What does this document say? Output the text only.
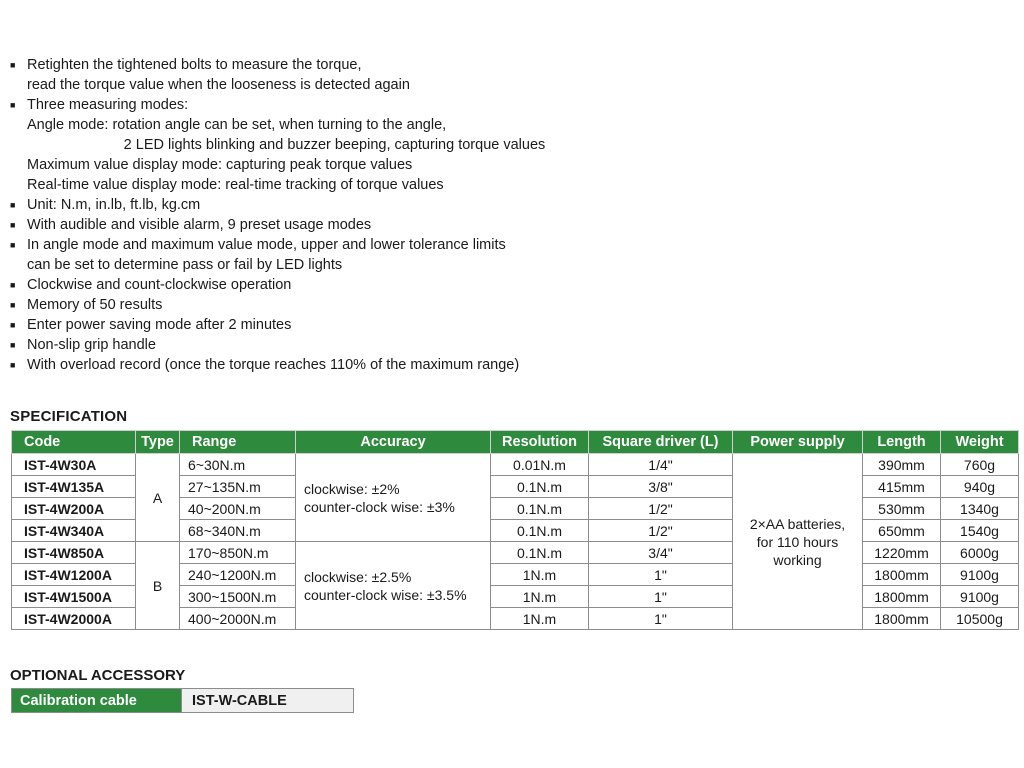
■ Retighten the tightened bolts to measure the torque,
read the torque value when the looseness is detected again
■ Three measuring modes:
Angle mode: rotation angle can be set, when turning to the angle,
2 LED lights blinking and buzzer beeping, capturing torque values
Maximum value display mode: capturing peak torque values
Real-time value display mode: real-time tracking of torque values
■ Unit: N.m, in.lb, ft.lb, kg.cm
■ With audible and visible alarm, 9 preset usage modes
■ In angle mode and maximum value mode, upper and lower tolerance limits
can be set to determine pass or fail by LED lights
■ Clockwise and count-clockwise operation
■ Memory of 50 results
■ Enter power saving mode after 2 minutes
■ Non-slip grip handle
■ With overload record (once the torque reaches 110% of the maximum range)
SPECIFICATION
Code	Type	Range	Accuracy	Resolution	Square driver (L)	Power supply	Length	Weight
IST-4W30A	A	6~30N.m	clockwise: ±2%
counter-clock wise: ±3%	0.01N.m	1/4"	2×AA batteries,
for 110 hours
working	390mm	760g
IST-4W135A		27~135N.m		0.1N.m	3/8"		415mm	940g
IST-4W200A		40~200N.m		0.1N.m	1/2"		530mm	1340g
IST-4W340A		68~340N.m		0.1N.m	1/2"		650mm	1540g
IST-4W850A	B	170~850N.m	clockwise: ±2.5%
counter-clock wise: ±3.5%	0.1N.m	3/4"		1220mm	6000g
IST-4W1200A		240~1200N.m		1N.m	1"		1800mm	9100g
IST-4W1500A		300~1500N.m		1N.m	1"		1800mm	9100g
IST-4W2000A		400~2000N.m		1N.m	1"		1800mm	10500g
OPTIONAL ACCESSORY
Calibration cable	IST-W-CABLE
